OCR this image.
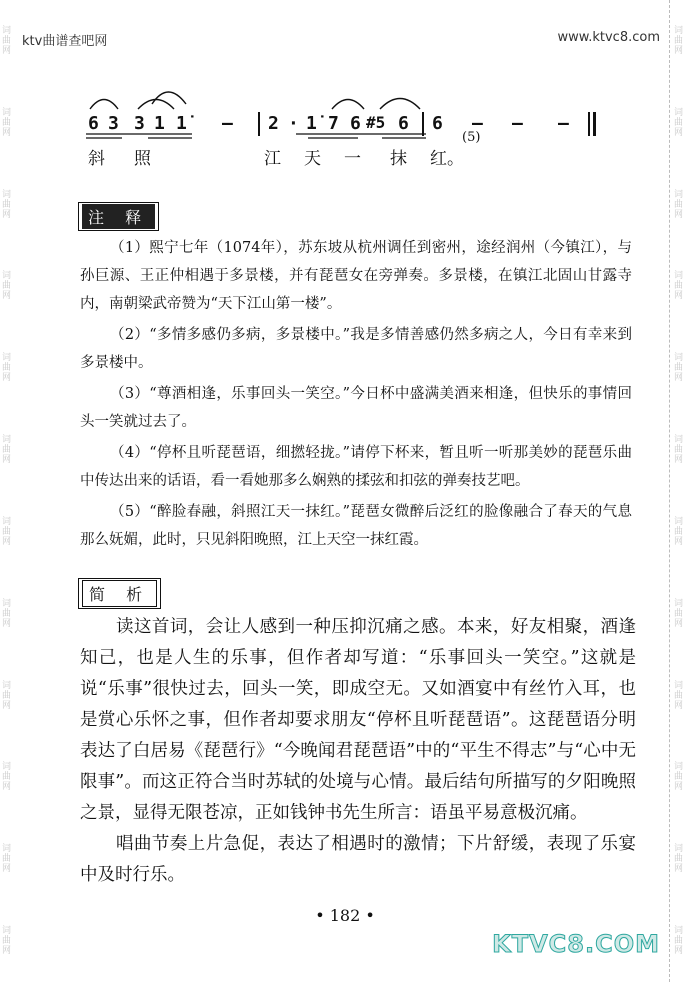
词曲网
词曲网
词曲网
词曲网
词曲网
词曲网
词曲网
词曲网
词曲网
词曲网
词曲网
词曲网
词曲网
词曲网
词曲网
词曲网
词曲网
词曲网
词曲网
词曲网
词曲网
词曲网
词曲网
词曲网
ktv曲谱查吧网	www.ktvc8.com
6 3 3 1 1̇ – 2 · 1̇ 7 6 #5 6 6 – – –
斜 照	江 天 一 抹 红。
(5)
注 释

（1）熙宁七年（1074年），苏东坡从杭州调任到密州，途经润州（今镇江），与孙巨源、王正仲相遇于多景楼，并有琵琶女在旁弹奏。多景楼，在镇江北固山甘露寺内，南朝梁武帝赞为“天下江山第一楼”。

（2）“多情多感仍多病，多景楼中。”我是多情善感仍然多病之人，今日有幸来到多景楼中。

（3）“尊酒相逢，乐事回头一笑空。”今日杯中盛满美酒来相逢，但快乐的事情回头一笑就过去了。

（4）“停杯且听琵琶语，细撚轻拢。”请停下杯来，暂且听一听那美妙的琵琶乐曲中传达出来的话语，看一看她那多么娴熟的揉弦和扣弦的弹奏技艺吧。

（5）“醉脸春融，斜照江天一抹红。”琵琶女微醉后泛红的脸像融合了春天的气息那么妩媚，此时，只见斜阳晚照，江上天空一抹红霞。

简 析

读这首词，会让人感到一种压抑沉痛之感。本来，好友相聚，酒逢知己，也是人生的乐事，但作者却写道：“乐事回头一笑空。”这就是说“乐事”很快过去，回头一笑，即成空无。又如酒宴中有丝竹入耳，也是赏心乐怀之事，但作者却要求朋友“停杯且听琵琶语”。这琵琶语分明表达了白居易《琵琶行》“今晚闻君琵琶语”中的“平生不得志”与“心中无限事”。而这正符合当时苏轼的处境与心情。最后结句所描写的夕阳晚照之景，显得无限苍凉，正如钱钟书先生所言：语虽平易意极沉痛。

唱曲节奏上片急促，表达了相遇时的激情；下片舒缓，表现了乐宴中及时行乐。

• 182 •
KTVC8.COM
